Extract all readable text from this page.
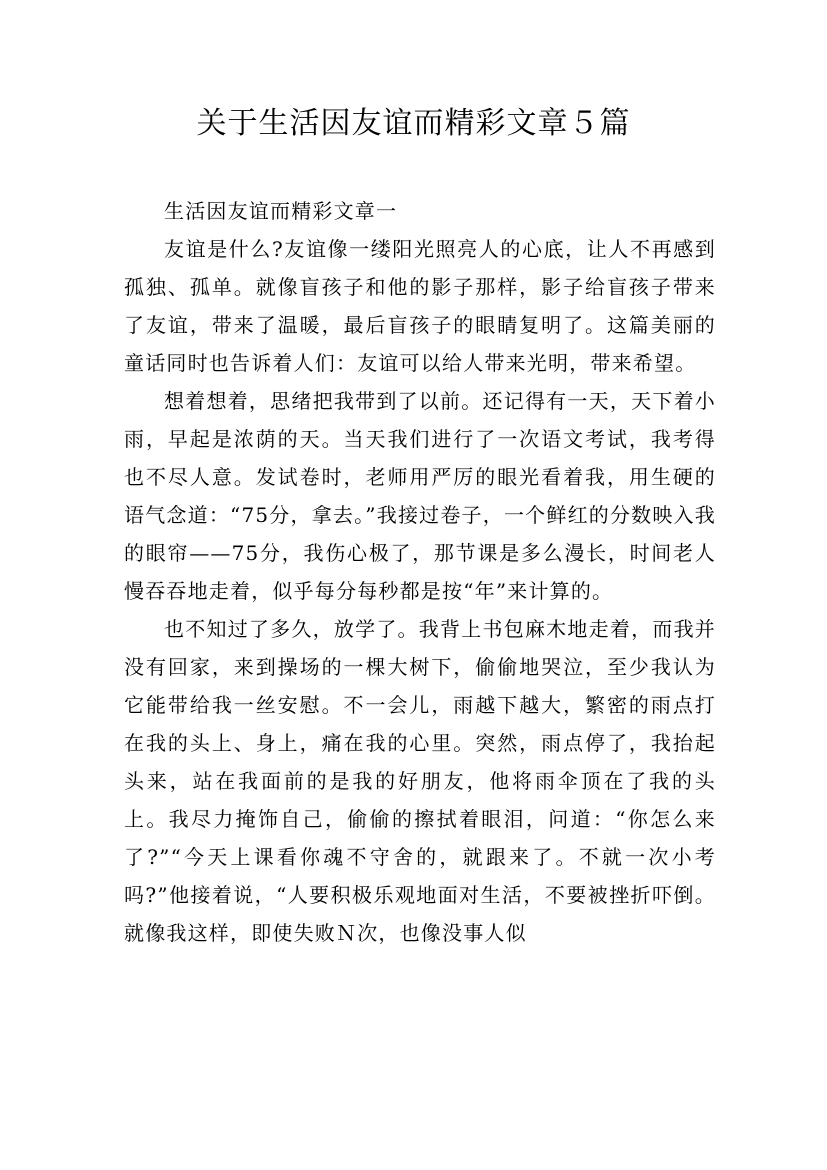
关于生活因友谊而精彩文章５篇

生活因友谊而精彩文章一

友谊是什么?友谊像一缕阳光照亮人的心底，让人不再感到孤独、孤单。就像盲孩子和他的影子那样，影子给盲孩子带来了友谊，带来了温暖，最后盲孩子的眼睛复明了。这篇美丽的童话同时也告诉着人们：友谊可以给人带来光明，带来希望。

想着想着，思绪把我带到了以前。还记得有一天，天下着小雨，早起是浓荫的天。当天我们进行了一次语文考试，我考得也不尽人意。发试卷时，老师用严厉的眼光看着我，用生硬的语气念道：“75分，拿去。”我接过卷子，一个鲜红的分数映入我的眼帘——75分，我伤心极了，那节课是多么漫长，时间老人慢吞吞地走着，似乎每分每秒都是按“年”来计算的。

也不知过了多久，放学了。我背上书包麻木地走着，而我并没有回家，来到操场的一棵大树下，偷偷地哭泣，至少我认为它能带给我一丝安慰。不一会儿，雨越下越大，繁密的雨点打在我的头上、身上，痛在我的心里。突然，雨点停了，我抬起头来，站在我面前的是我的好朋友，他将雨伞顶在了我的头上。我尽力掩饰自己，偷偷的擦拭着眼泪，问道：“你怎么来了?”“今天上课看你魂不守舍的，就跟来了。不就一次小考吗?”他接着说，“人要积极乐观地面对生活，不要被挫折吓倒。就像我这样，即使失败Ｎ次，也像没事人似
